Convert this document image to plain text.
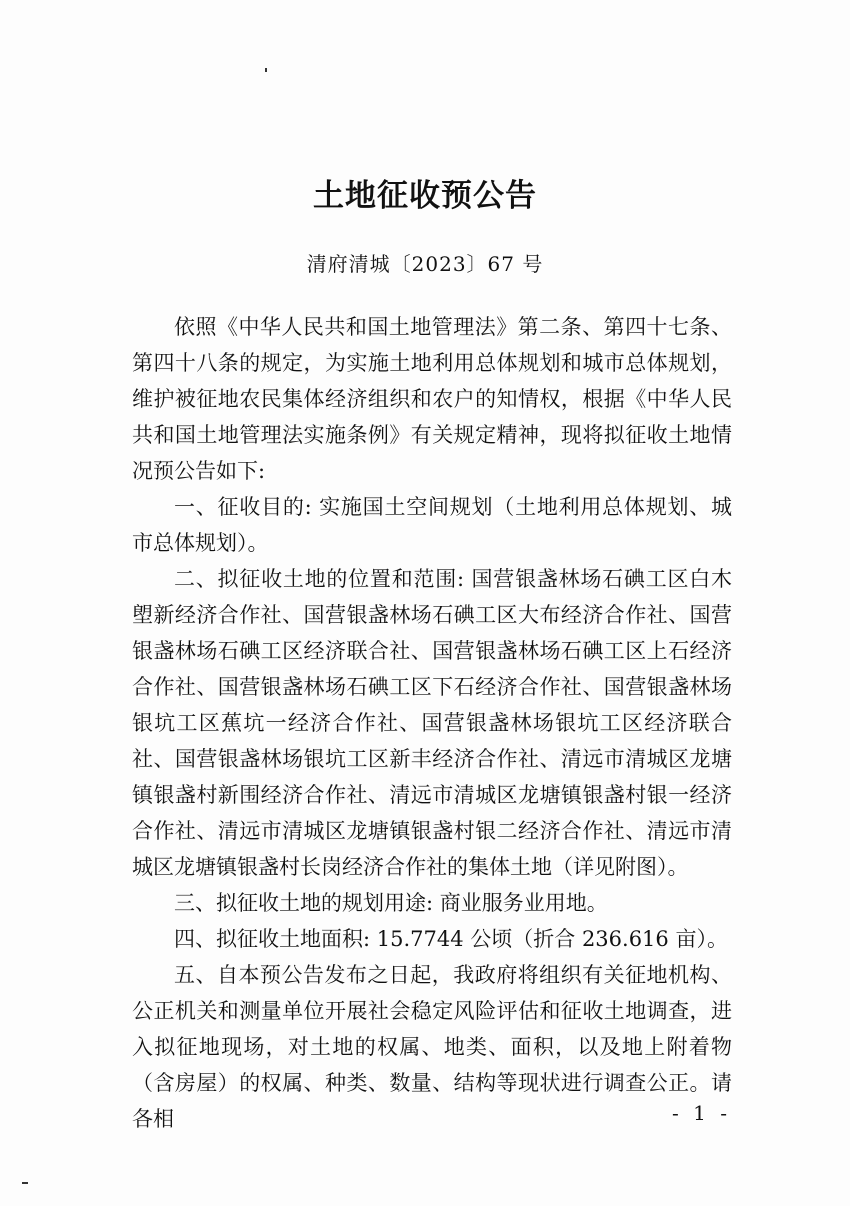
土地征收预公告
清府清城〔2023〕67 号

依照《中华人民共和国土地管理法》第二条、第四十七条、第四十八条的规定，为实施土地利用总体规划和城市总体规划，维护被征地农民集体经济组织和农户的知情权，根据《中华人民共和国土地管理法实施条例》有关规定精神，现将拟征收土地情况预公告如下:

一、征收目的: 实施国土空间规划（土地利用总体规划、城市总体规划）。

二、拟征收土地的位置和范围: 国营银盏林场石碘工区白木塱新经济合作社、国营银盏林场石碘工区大布经济合作社、国营银盏林场石碘工区经济联合社、国营银盏林场石碘工区上石经济合作社、国营银盏林场石碘工区下石经济合作社、国营银盏林场银坑工区蕉坑一经济合作社、国营银盏林场银坑工区经济联合社、国营银盏林场银坑工区新丰经济合作社、清远市清城区龙塘镇银盏村新围经济合作社、清远市清城区龙塘镇银盏村银一经济合作社、清远市清城区龙塘镇银盏村银二经济合作社、清远市清城区龙塘镇银盏村长岗经济合作社的集体土地（详见附图）。

三、拟征收土地的规划用途: 商业服务业用地。

四、拟征收土地面积: 15.7744 公顷（折合 236.616 亩）。

五、自本预公告发布之日起，我政府将组织有关征地机构、公正机关和测量单位开展社会稳定风险评估和征收土地调查，进入拟征地现场，对土地的权属、地类、面积，以及地上附着物（含房屋）的权属、种类、数量、结构等现状进行调查公正。请各相	- 1 -
